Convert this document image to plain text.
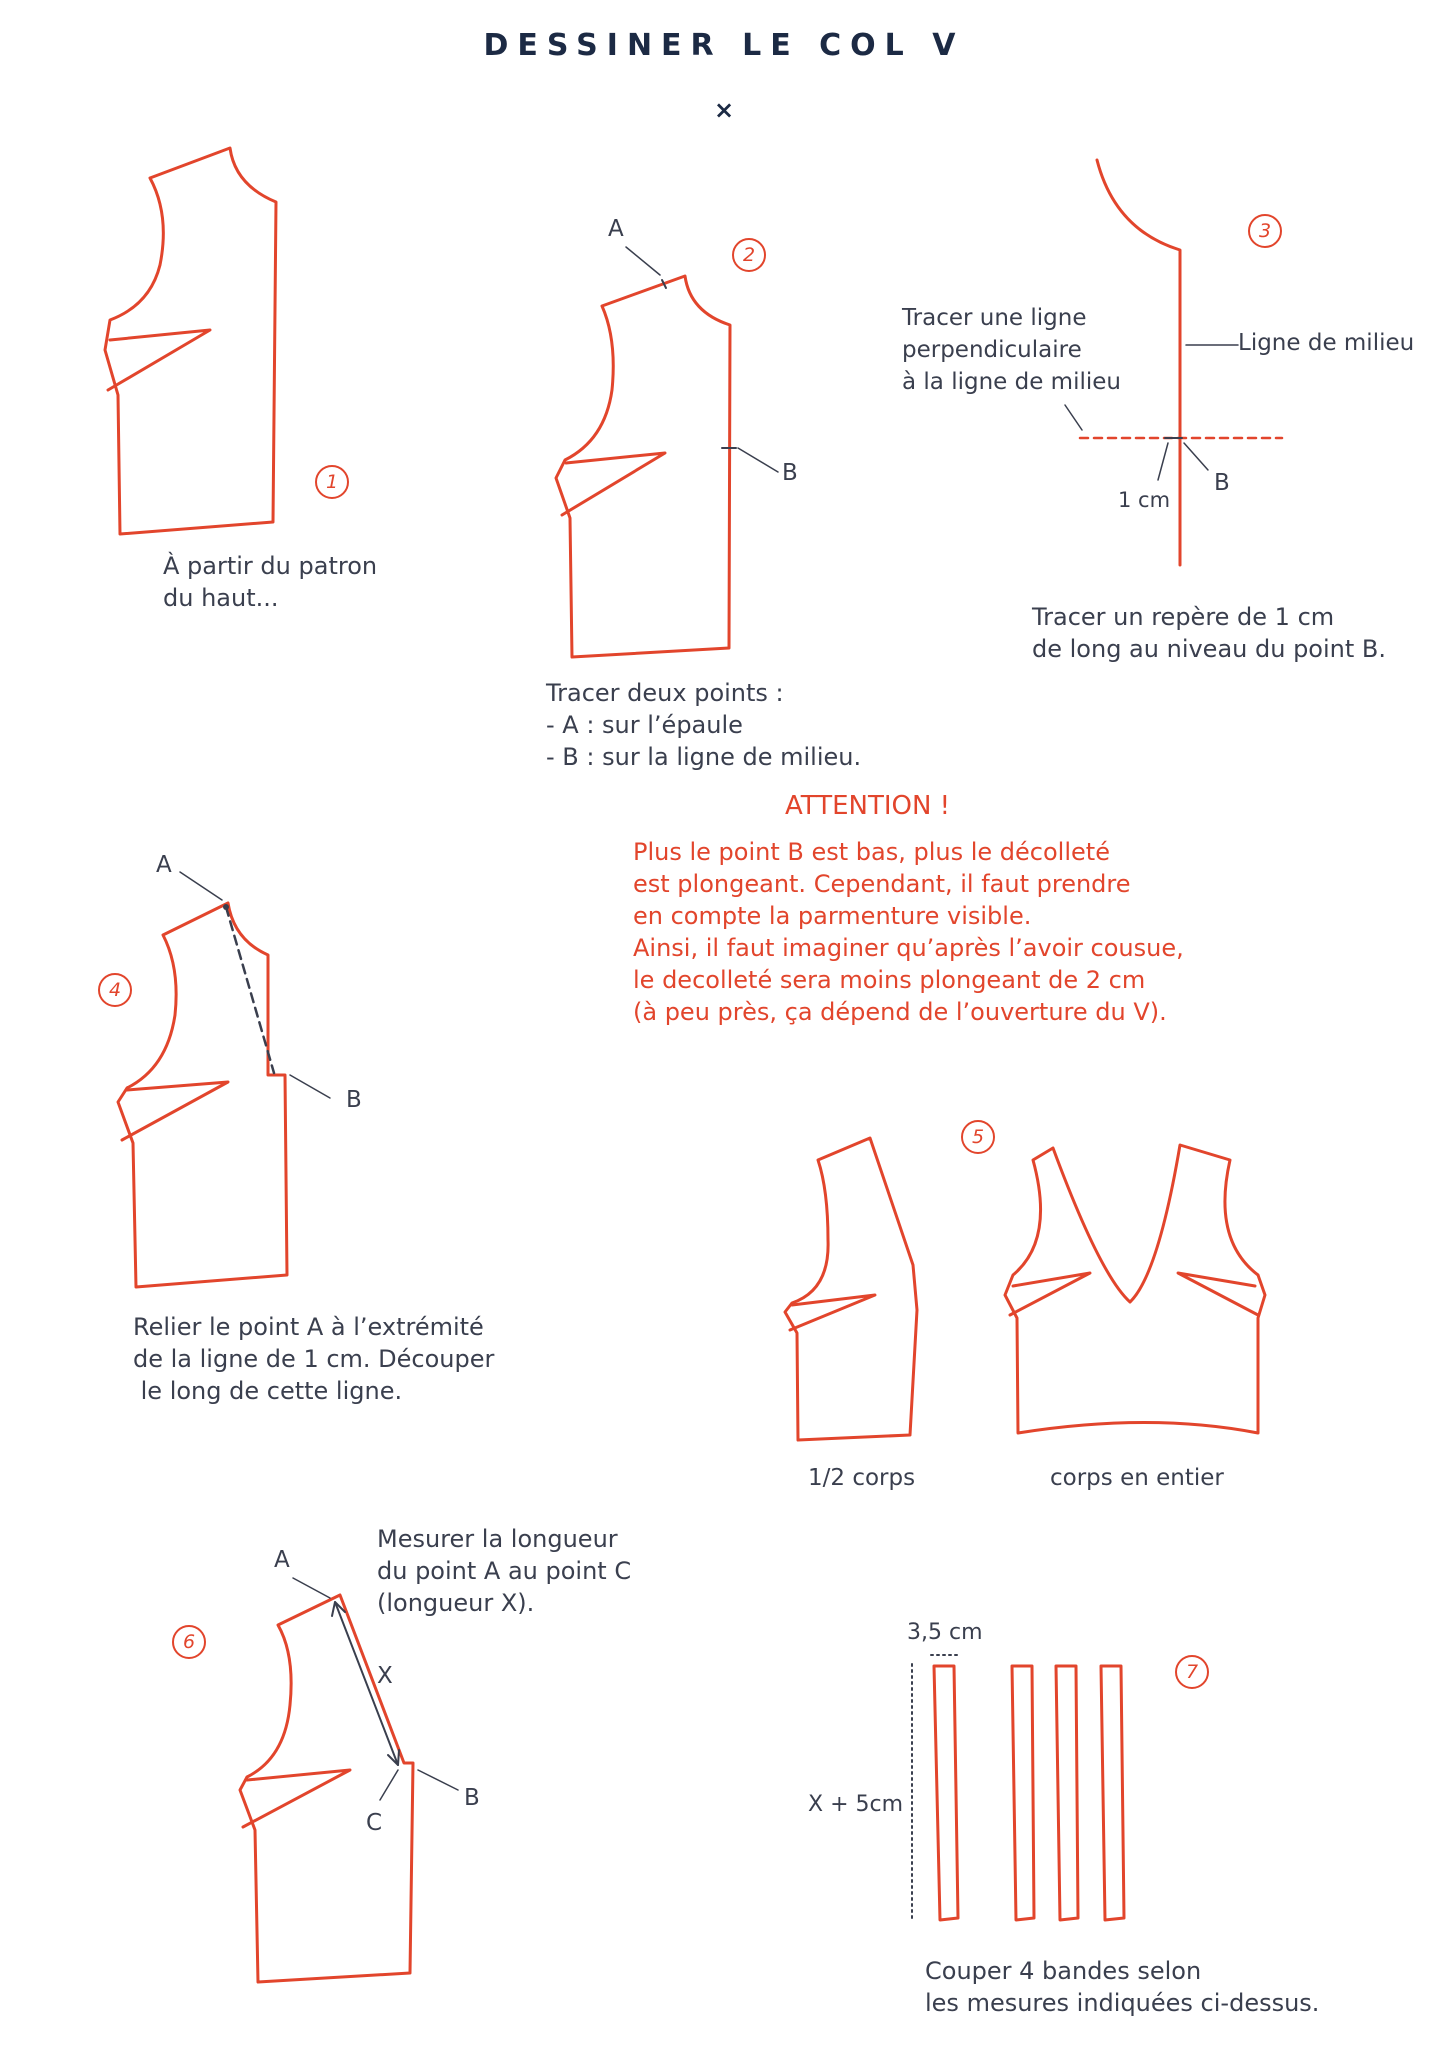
DESSINER LE COL V
×
1
À partir du patron
du haut...
2
A
B
Tracer deux points :
- A : sur l’épaule
- B : sur la ligne de milieu.
3
Tracer une ligne
perpendiculaire
à la ligne de milieu
Ligne de milieu
1 cm
B
Tracer un repère de 1 cm
de long au niveau du point B.
ATTENTION !
Plus le point B est bas, plus le décolleté
est plongeant. Cependant, il faut prendre
en compte la parmenture visible.
Ainsi, il faut imaginer qu’après l’avoir cousue,
le decolleté sera moins plongeant de 2 cm
(à peu près, ça dépend de l’ouverture du V).
4
A
B
Relier le point A à l’extrémité
de la ligne de 1 cm. Découper
le long de cette ligne.
5
1/2 corps	corps en entier
6
A
X
B
C
Mesurer la longueur
du point A au point C
(longueur X).
7
3,5 cm
X + 5cm
Couper 4 bandes selon
les mesures indiquées ci-dessus.
